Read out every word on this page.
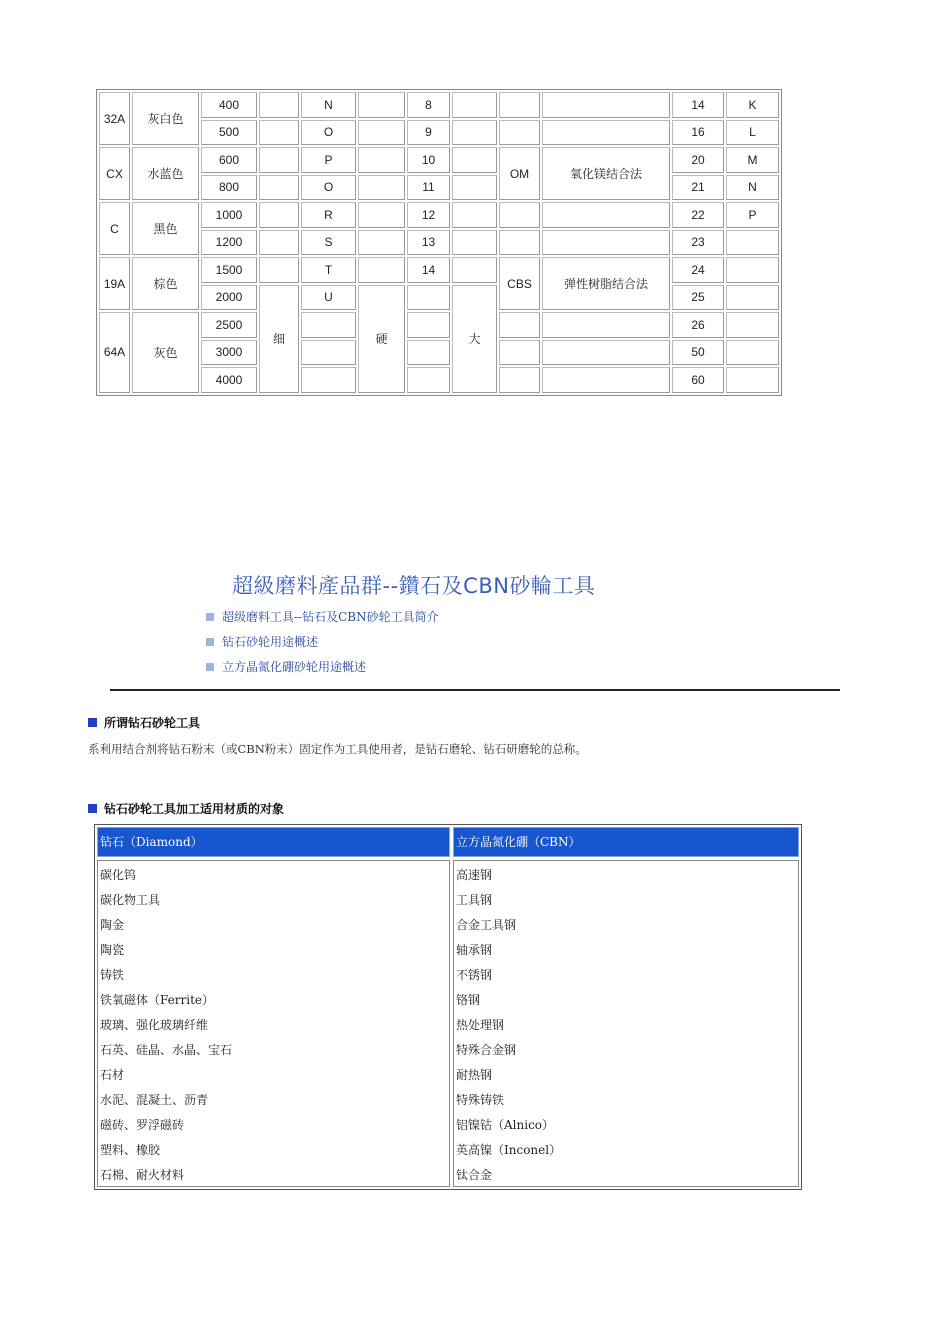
32A	灰白色	400		N		8				14	K
		500		O		9				16	L
CX	水蓝色	600		P		10		OM	氧化镁结合法	20	M
		800		O		11				21	N
C	黑色	1000		R		12				22	P
		1200		S		13				23	
19A	棕色	1500		T		14		CBS	弹性树脂结合法	24	
		2000	细	U	硬		大			25	
64A	灰色	2500								26	
		3000								50	
		4000								60	
超級磨料產品群--鑽石及CBN砂輪工具
超级磨料工具--钻石及CBN砂轮工具简介
钻石砂轮用途概述
立方晶氮化硼砂轮用途概述
所谓钻石砂轮工具
系利用结合剂将钻石粉末（或CBN粉末）固定作为工具使用者，是钻石磨轮、钻石研磨轮的总称。
钻石砂轮工具加工适用材质的对象
钻石（Diamond）	立方晶氮化硼（CBN）
碳化钨
碳化物工具
陶金
陶瓷
铸铁
铁氧磁体（Ferrite）
玻璃、强化玻璃纤维
石英、硅晶、水晶、宝石
石材
水泥、混凝土、沥青
磁砖、罗浮磁砖
塑料、橡胶
石棉、耐火材料
高速钢
工具钢
合金工具钢
轴承钢
不锈钢
铬钢
热处理钢
特殊合金钢
耐热钢
特殊铸铁
铝镍钴（Alnico）
英高镍（Inconel）
钛合金
